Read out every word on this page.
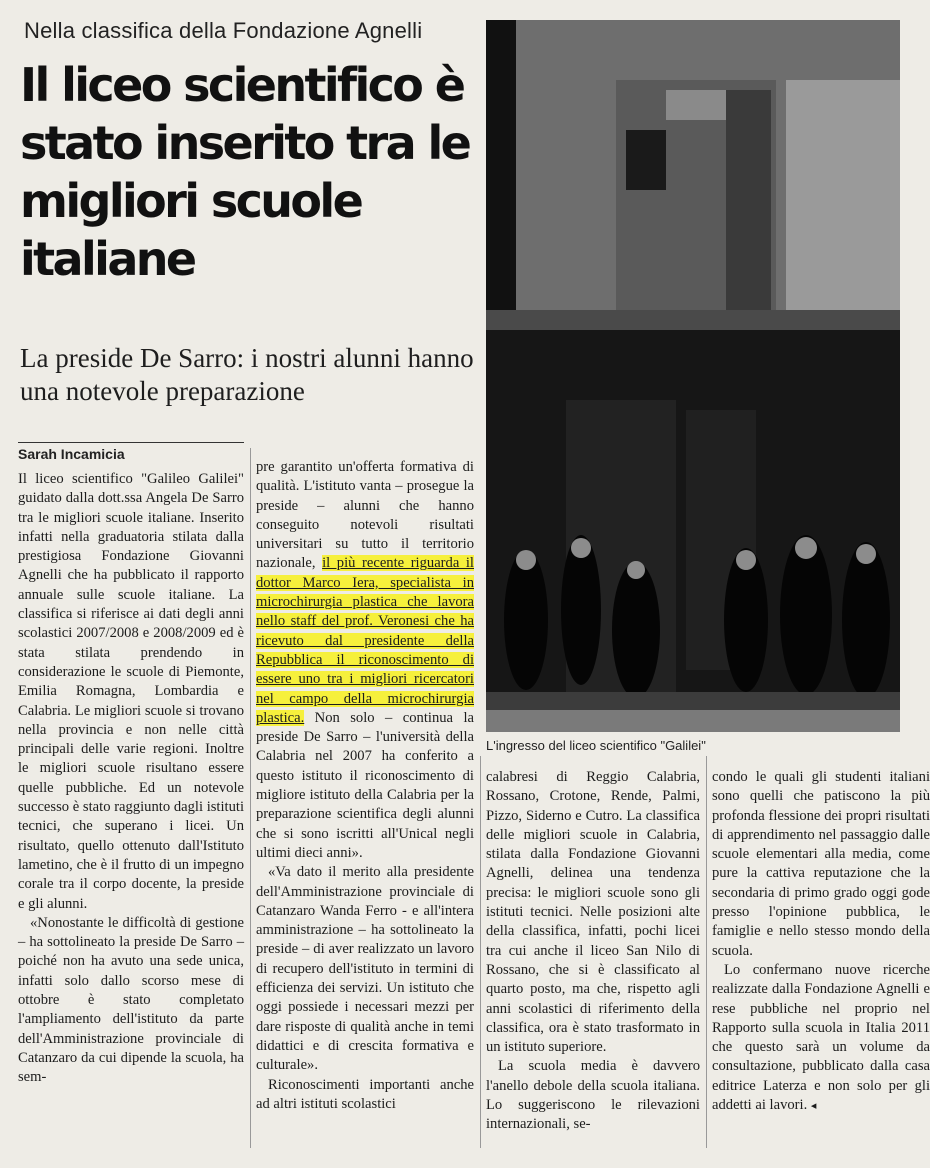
Nella classifica della Fondazione Agnelli
Il liceo scientifico è stato inserito tra le migliori scuole italiane
La preside De Sarro: i nostri alunni hanno una notevole preparazione
Sarah Incamicia

Il liceo scientifico "Galileo Galilei" guidato dalla dott.ssa Angela De Sarro tra le migliori scuole italiane. Inserito infatti nella graduatoria stilata dalla prestigiosa Fondazione Giovanni Agnelli che ha pubblicato il rapporto annuale sulle scuole italiane. La classifica si riferisce ai dati degli anni scolastici 2007/2008 e 2008/2009 ed è stata stilata prendendo in considerazione le scuole di Piemonte, Emilia Romagna, Lombardia e Calabria. Le migliori scuole si trovano nella provincia e non nelle città principali delle varie regioni. Inoltre le migliori scuole risultano essere quelle pubbliche. Ed un notevole successo è stato raggiunto dagli istituti tecnici, che superano i licei. Un risultato, quello ottenuto dall'Istituto lametino, che è il frutto di un impegno corale tra il corpo docente, la preside e gli alunni.

«Nonostante le difficoltà di gestione – ha sottolineato la preside De Sarro – poiché non ha avuto una sede unica, infatti solo dallo scorso mese di ottobre è stato completato l'ampliamento dell'istituto da parte dell'Amministrazione provinciale di Catanzaro da cui dipende la scuola, ha sem-

pre garantito un'offerta formativa di qualità. L'istituto vanta – prosegue la preside – alunni che hanno conseguito notevoli risultati universitari su tutto il territorio nazionale, il più recente riguarda il dottor Marco Iera, specialista in microchirurgia plastica che lavora nello staff del prof. Veronesi che ha ricevuto dal presidente della Repubblica il riconoscimento di essere uno tra i migliori ricercatori nel campo della microchirurgia plastica. Non solo – continua la preside De Sarro – l'università della Calabria nel 2007 ha conferito a questo istituto il riconoscimento di migliore istituto della Calabria per la preparazione scientifica degli alunni che si sono iscritti all'Unical negli ultimi dieci anni».

«Va dato il merito alla presidente dell'Amministrazione provinciale di Catanzaro Wanda Ferro - e all'intera amministrazione – ha sottolineato la preside – di aver realizzato un lavoro di recupero dell'istituto in termini di efficienza dei servizi. Un istituto che oggi possiede i necessari mezzi per dare risposte di qualità anche in temi didattici e di crescita formativa e culturale».

Riconoscimenti importanti anche ad altri istituti scolastici

L'ingresso del liceo scientifico "Galilei"

calabresi di Reggio Calabria, Rossano, Crotone, Rende, Palmi, Pizzo, Siderno e Cutro. La classifica delle migliori scuole in Calabria, stilata dalla Fondazione Giovanni Agnelli, delinea una tendenza precisa: le migliori scuole sono gli istituti tecnici. Nelle posizioni alte della classifica, infatti, pochi licei tra cui anche il liceo San Nilo di Rossano, che si è classificato al quarto posto, ma che, rispetto agli anni scolastici di riferimento della classifica, ora è stato trasformato in un istituto superiore.

La scuola media è davvero l'anello debole della scuola italiana. Lo suggeriscono le rilevazioni internazionali, se-

condo le quali gli studenti italiani sono quelli che patiscono la più profonda flessione dei propri risultati di apprendimento nel passaggio dalle scuole elementari alla media, come pure la cattiva reputazione che la secondaria di primo grado oggi gode presso l'opinione pubblica, le famiglie e nello stesso mondo della scuola.

Lo confermano nuove ricerche realizzate dalla Fondazione Agnelli e rese pubbliche nel proprio nel Rapporto sulla scuola in Italia 2011 che questo sarà un volume da consultazione, pubblicato dalla casa editrice Laterza e non solo per gli addetti ai lavori. ◂
